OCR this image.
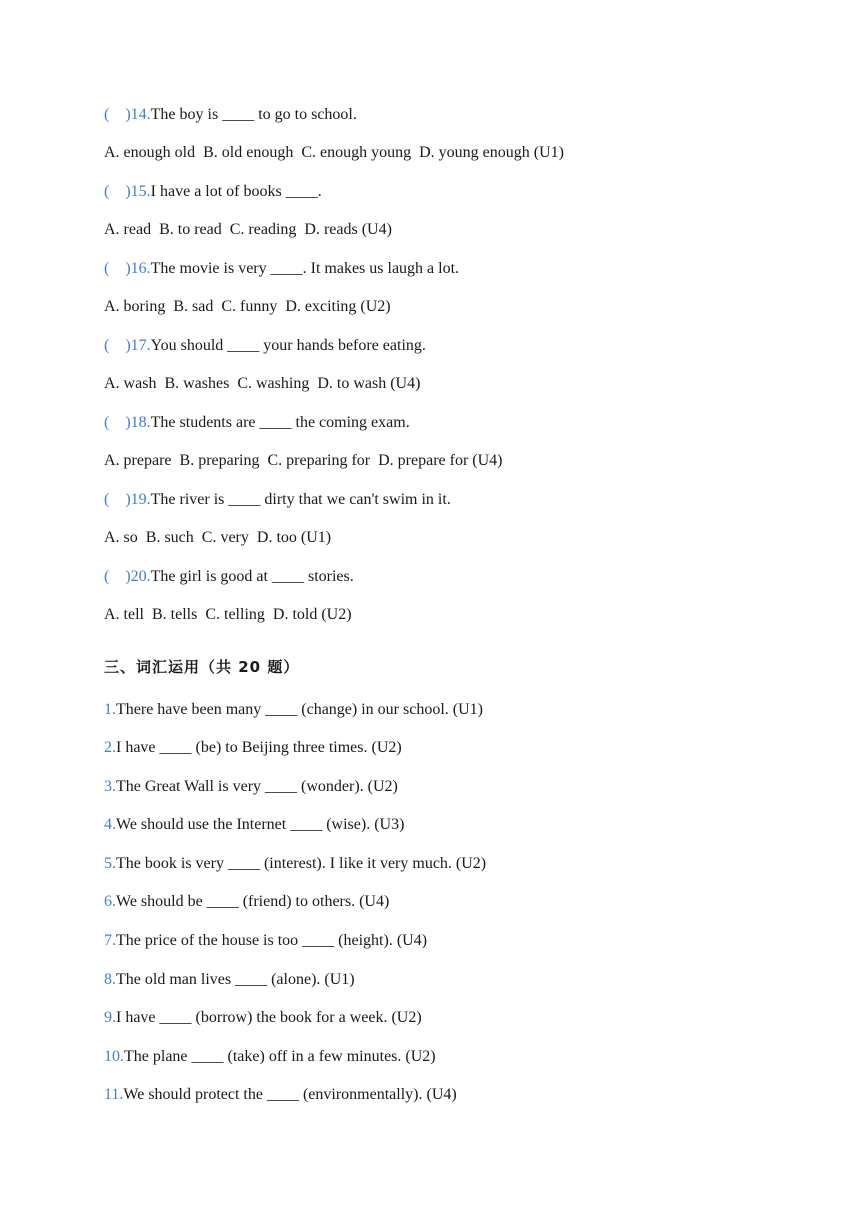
(    )14.The boy is ____ to go to school.
A. enough old  B. old enough  C. enough young  D. young enough (U1)
(    )15.I have a lot of books ____.
A. read  B. to read  C. reading  D. reads (U4)
(    )16.The movie is very ____. It makes us laugh a lot.
A. boring  B. sad  C. funny  D. exciting (U2)
(    )17.You should ____ your hands before eating.
A. wash  B. washes  C. washing  D. to wash (U4)
(    )18.The students are ____ the coming exam.
A. prepare  B. preparing  C. preparing for  D. prepare for (U4)
(    )19.The river is ____ dirty that we can't swim in it.
A. so  B. such  C. very  D. too (U1)
(    )20.The girl is good at ____ stories.
A. tell  B. tells  C. telling  D. told (U2)
三、词汇运用（共 20 题）
1.There have been many ____ (change) in our school. (U1)
2.I have ____ (be) to Beijing three times. (U2)
3.The Great Wall is very ____ (wonder). (U2)
4.We should use the Internet ____ (wise). (U3)
5.The book is very ____ (interest). I like it very much. (U2)
6.We should be ____ (friend) to others. (U4)
7.The price of the house is too ____ (height). (U4)
8.The old man lives ____ (alone). (U1)
9.I have ____ (borrow) the book for a week. (U2)
10.The plane ____ (take) off in a few minutes. (U2)
11.We should protect the ____ (environmentally). (U4)
